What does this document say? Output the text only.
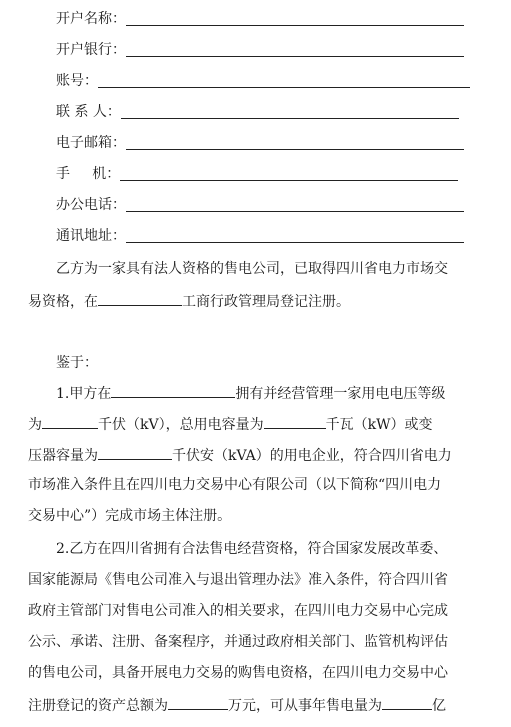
开户名称：
开户银行：
账号：
联 系 人：
电子邮箱：
手     机：
办公电话：
通讯地址：
乙方为一家具有法人资格的售电公司，已取得四川省电力市场交
易资格，在	工商行政管理局登记注册。
鉴于：
1.甲方在	拥有并经营管理一家用电电压等级
为	千伏（kV），总用电容量为	千瓦（kW）或变
压器容量为	千伏安（kVA）的用电企业，符合四川省电力
市场准入条件且在四川电力交易中心有限公司（以下简称“四川电力
交易中心”）完成市场主体注册。
2.乙方在四川省拥有合法售电经营资格，符合国家发展改革委、
国家能源局《售电公司准入与退出管理办法》准入条件，符合四川省
政府主管部门对售电公司准入的相关要求，在四川电力交易中心完成
公示、承诺、注册、备案程序，并通过政府相关部门、监管机构评估
的售电公司，具备开展电力交易的购售电资格，在四川电力交易中心
注册登记的资产总额为	万元，可从事年售电量为	亿
